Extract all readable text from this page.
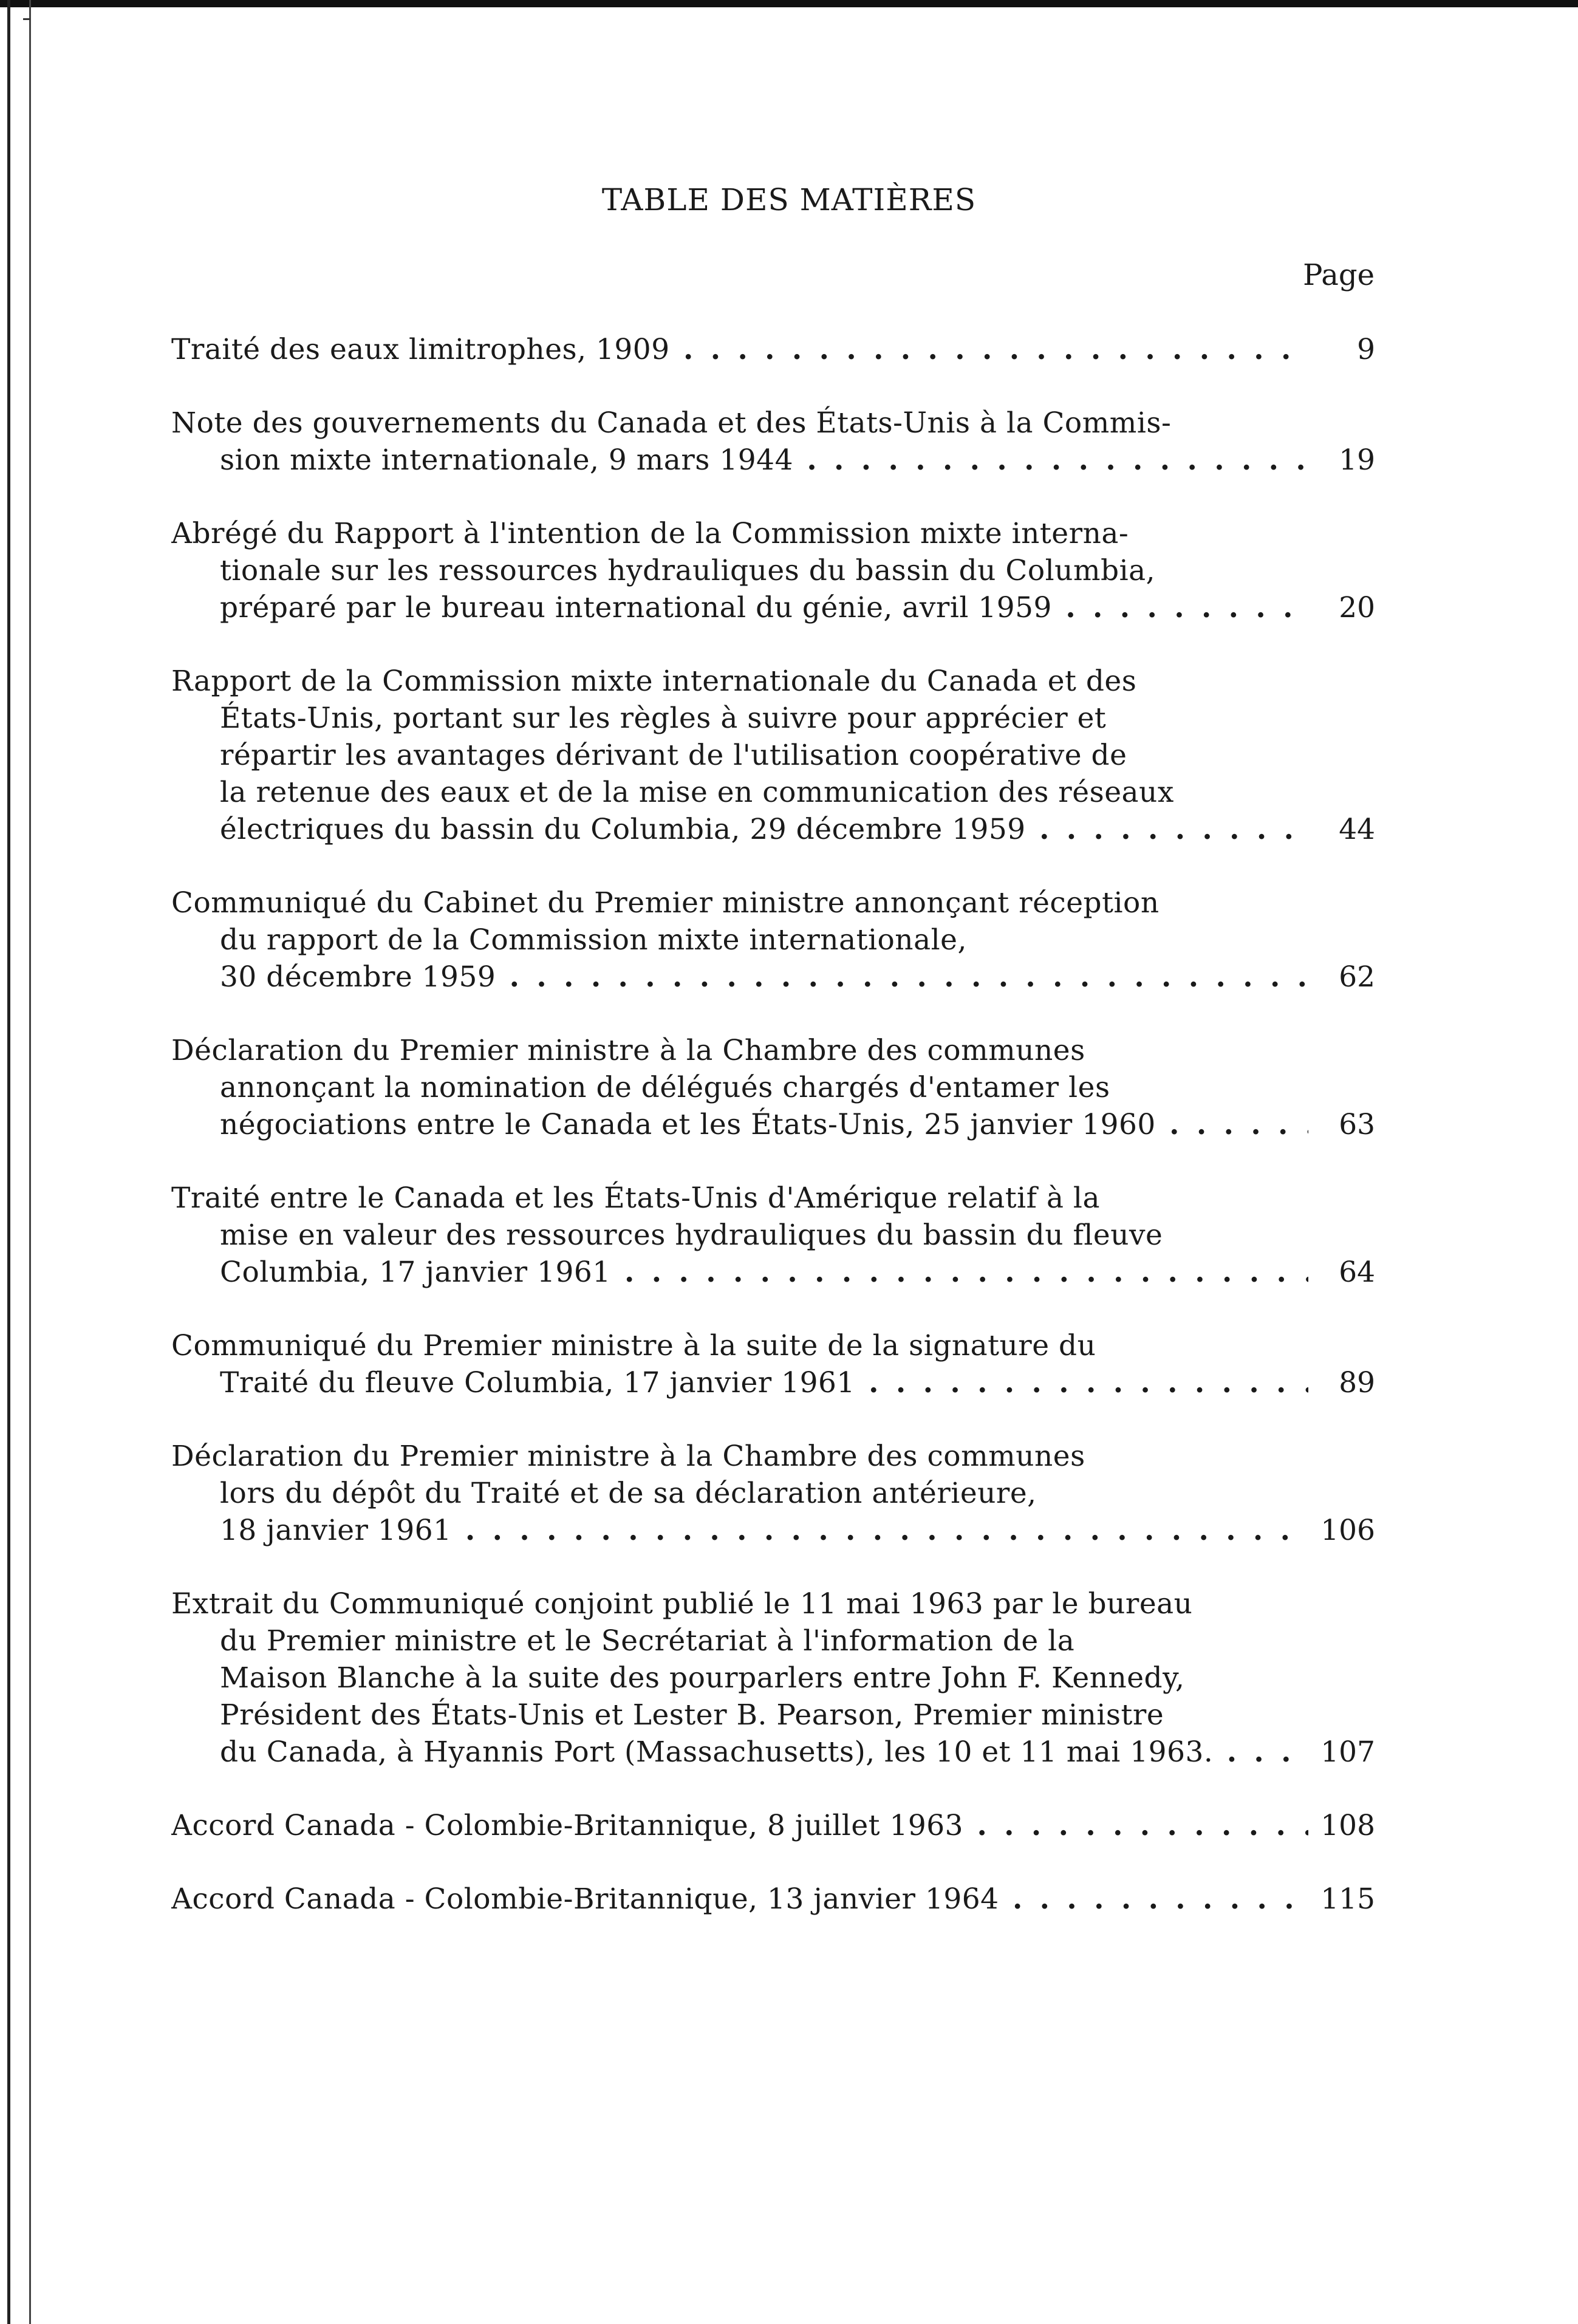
TABLE DES MATIÈRES
Page
Traité des eaux limitrophes, 1909 . . .	9
Note des gouvernements du Canada et des États-Unis à la Commis-
sion mixte internationale, 9 mars 1944 . . .	19
Abrégé du Rapport à l'intention de la Commission mixte interna-
tionale sur les ressources hydrauliques du bassin du Columbia,
préparé par le bureau international du génie, avril 1959 . . .	20
Rapport de la Commission mixte internationale du Canada et des
États-Unis, portant sur les règles à suivre pour apprécier et
répartir les avantages dérivant de l'utilisation coopérative de
la retenue des eaux et de la mise en communication des réseaux
électriques du bassin du Columbia, 29 décembre 1959 . . .	44
Communiqué du Cabinet du Premier ministre annonçant réception
du rapport de la Commission mixte internationale,
30 décembre 1959 . . .	62
Déclaration du Premier ministre à la Chambre des communes
annonçant la nomination de délégués chargés d'entamer les
négociations entre le Canada et les États-Unis, 25 janvier 1960 . . .	63
Traité entre le Canada et les États-Unis d'Amérique relatif à la
mise en valeur des ressources hydrauliques du bassin du fleuve
Columbia, 17 janvier 1961 . . .	64
Communiqué du Premier ministre à la suite de la signature du
Traité du fleuve Columbia, 17 janvier 1961 . . .	89
Déclaration du Premier ministre à la Chambre des communes
lors du dépôt du Traité et de sa déclaration antérieure,
18 janvier 1961 . . .	106
Extrait du Communiqué conjoint publié le 11 mai 1963 par le bureau
du Premier ministre et le Secrétariat à l'information de la
Maison Blanche à la suite des pourparlers entre John F. Kennedy,
Président des États-Unis et Lester B. Pearson, Premier ministre
du Canada, à Hyannis Port (Massachusetts), les 10 et 11 mai 1963. . . .	107
Accord Canada - Colombie-Britannique, 8 juillet 1963 . . .	108
Accord Canada - Colombie-Britannique, 13 janvier 1964 . . .	115
